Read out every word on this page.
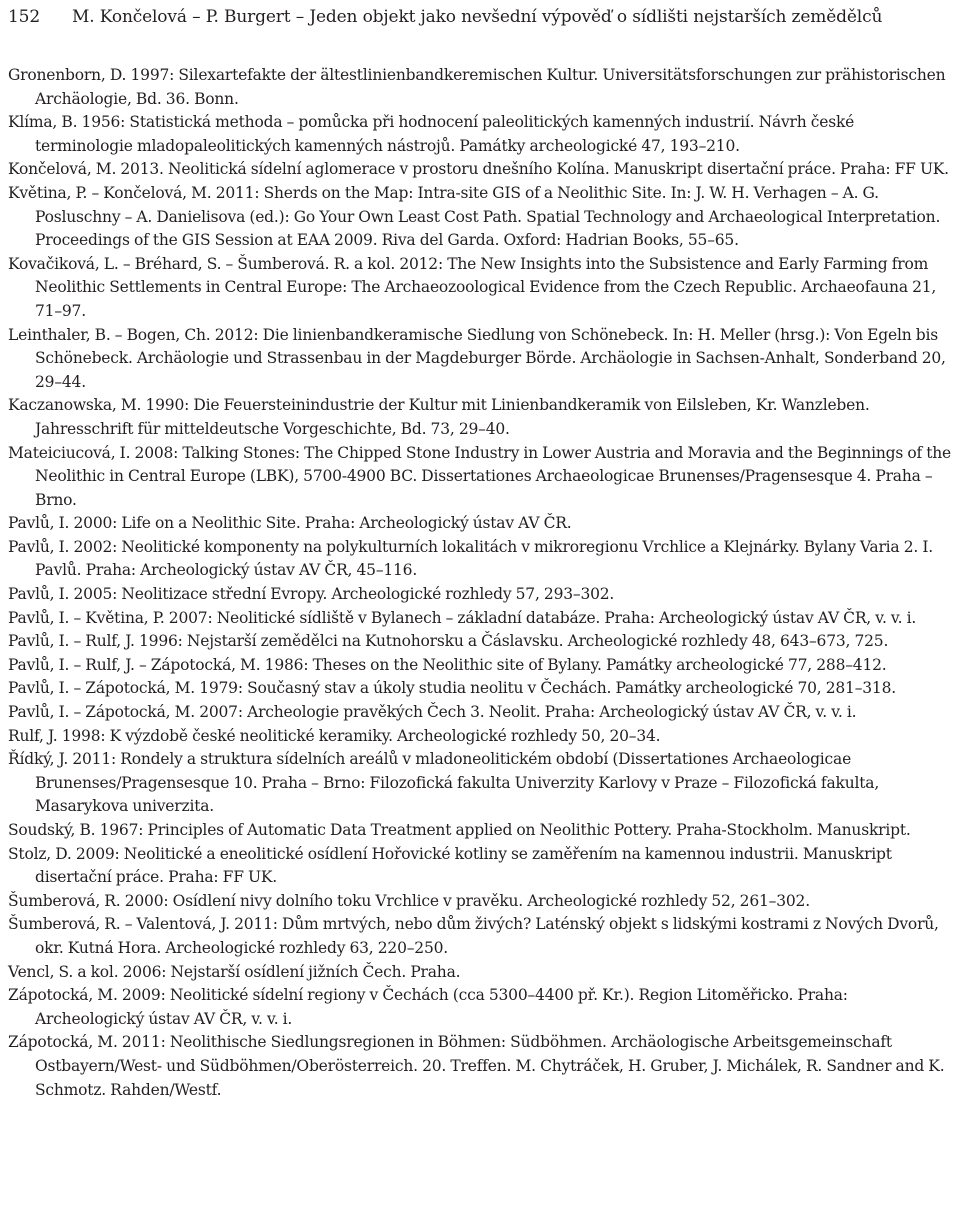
152 M. Končelová – P. Burgert – Jeden objekt jako nevšední výpověď o sídlišti nejstarších zemědělců
Gronenborn, D. 1997: Silexartefakte der ältestlinienbandkeremischen Kultur. Universitätsforschungen zur prähistorischen Archäologie, Bd. 36. Bonn.
Klíma, B. 1956: Statistická methoda – pomůcka při hodnocení paleolitických kamenných industrií. Návrh české terminologie mladopaleolitických kamenných nástrojů. Památky archeologické 47, 193–210.
Končelová, M. 2013. Neolitická sídelní aglomerace v prostoru dnešního Kolína. Manuskript disertační práce. Praha: FF UK.
Květina, P. – Končelová, M. 2011: Sherds on the Map: Intra-site GIS of a Neolithic Site. In: J. W. H. Verhagen – A. G. Posluschny – A. Danielisova (ed.): Go Your Own Least Cost Path. Spatial Technology and Archaeological Interpretation. Proceedings of the GIS Session at EAA 2009. Riva del Garda. Oxford: Hadrian Books, 55–65.
Kovačiková, L. – Bréhard, S. – Šumberová. R. a kol. 2012: The New Insights into the Subsistence and Early Farming from Neolithic Settlements in Central Europe: The Archaeozoological Evidence from the Czech Republic. Archaeofauna 21, 71–97.
Leinthaler, B. – Bogen, Ch. 2012: Die linienbandkeramische Siedlung von Schönebeck. In: H. Meller (hrsg.): Von Egeln bis Schönebeck. Archäologie und Strassenbau in der Magdeburger Börde. Archäologie in Sachsen-Anhalt, Sonderband 20, 29–44.
Kaczanowska, M. 1990: Die Feuersteinindustrie der Kultur mit Linienbandkeramik von Eilsleben, Kr. Wanzleben. Jahresschrift für mitteldeutsche Vorgeschichte, Bd. 73, 29–40.
Mateiciucová, I. 2008: Talking Stones: The Chipped Stone Industry in Lower Austria and Moravia and the Beginnings of the Neolithic in Central Europe (LBK), 5700-4900 BC. Dissertationes Archaeologicae Brunenses/Pragensesque 4. Praha – Brno.
Pavlů, I. 2000: Life on a Neolithic Site. Praha: Archeologický ústav AV ČR.
Pavlů, I. 2002: Neolitické komponenty na polykulturních lokalitách v mikroregionu Vrchlice a Klejnárky. Bylany Varia 2. I. Pavlů. Praha: Archeologický ústav AV ČR, 45–116.
Pavlů, I. 2005: Neolitizace střední Evropy. Archeologické rozhledy 57, 293–302.
Pavlů, I. – Květina, P. 2007: Neolitické sídliště v Bylanech – základní databáze. Praha: Archeologický ústav AV ČR, v. v. i.
Pavlů, I. – Rulf, J. 1996: Nejstarší zemědělci na Kutnohorsku a Čáslavsku. Archeologické rozhledy 48, 643–673, 725.
Pavlů, I. – Rulf, J. – Zápotocká, M. 1986: Theses on the Neolithic site of Bylany. Památky archeologické 77, 288–412.
Pavlů, I. – Zápotocká, M. 1979: Současný stav a úkoly studia neolitu v Čechách. Památky archeologické 70, 281–318.
Pavlů, I. – Zápotocká, M. 2007: Archeologie pravěkých Čech 3. Neolit. Praha: Archeologický ústav AV ČR, v. v. i.
Rulf, J. 1998: K výzdobě české neolitické keramiky. Archeologické rozhledy 50, 20–34.
Řídký, J. 2011: Rondely a struktura sídelních areálů v mladoneolitickém období (Dissertationes Archaeologicae Brunenses/Pragensesque 10. Praha – Brno: Filozofická fakulta Univerzity Karlovy v Praze – Filozofická fakulta, Masarykova univerzita.
Soudský, B. 1967: Principles of Automatic Data Treatment applied on Neolithic Pottery. Praha-Stockholm. Manuskript.
Stolz, D. 2009: Neolitické a eneolitické osídlení Hořovické kotliny se zaměřením na kamennou industrii. Manuskript disertační práce. Praha: FF UK.
Šumberová, R. 2000: Osídlení nivy dolního toku Vrchlice v pravěku. Archeologické rozhledy 52, 261–302.
Šumberová, R. – Valentová, J. 2011: Dům mrtvých, nebo dům živých? Laténský objekt s lidskými kostrami z Nových Dvorů, okr. Kutná Hora. Archeologické rozhledy 63, 220–250.
Vencl, S. a kol. 2006: Nejstarší osídlení jižních Čech. Praha.
Zápotocká, M. 2009: Neolitické sídelní regiony v Čechách (cca 5300–4400 př. Kr.). Region Litoměřicko. Praha: Archeologický ústav AV ČR, v. v. i.
Zápotocká, M. 2011: Neolithische Siedlungsregionen in Böhmen: Südböhmen. Archäologische Arbeitsgemeinschaft Ostbayern/West- und Südböhmen/Oberösterreich. 20. Treffen. M. Chytráček, H. Gruber, J. Michálek, R. Sandner and K. Schmotz. Rahden/Westf.
